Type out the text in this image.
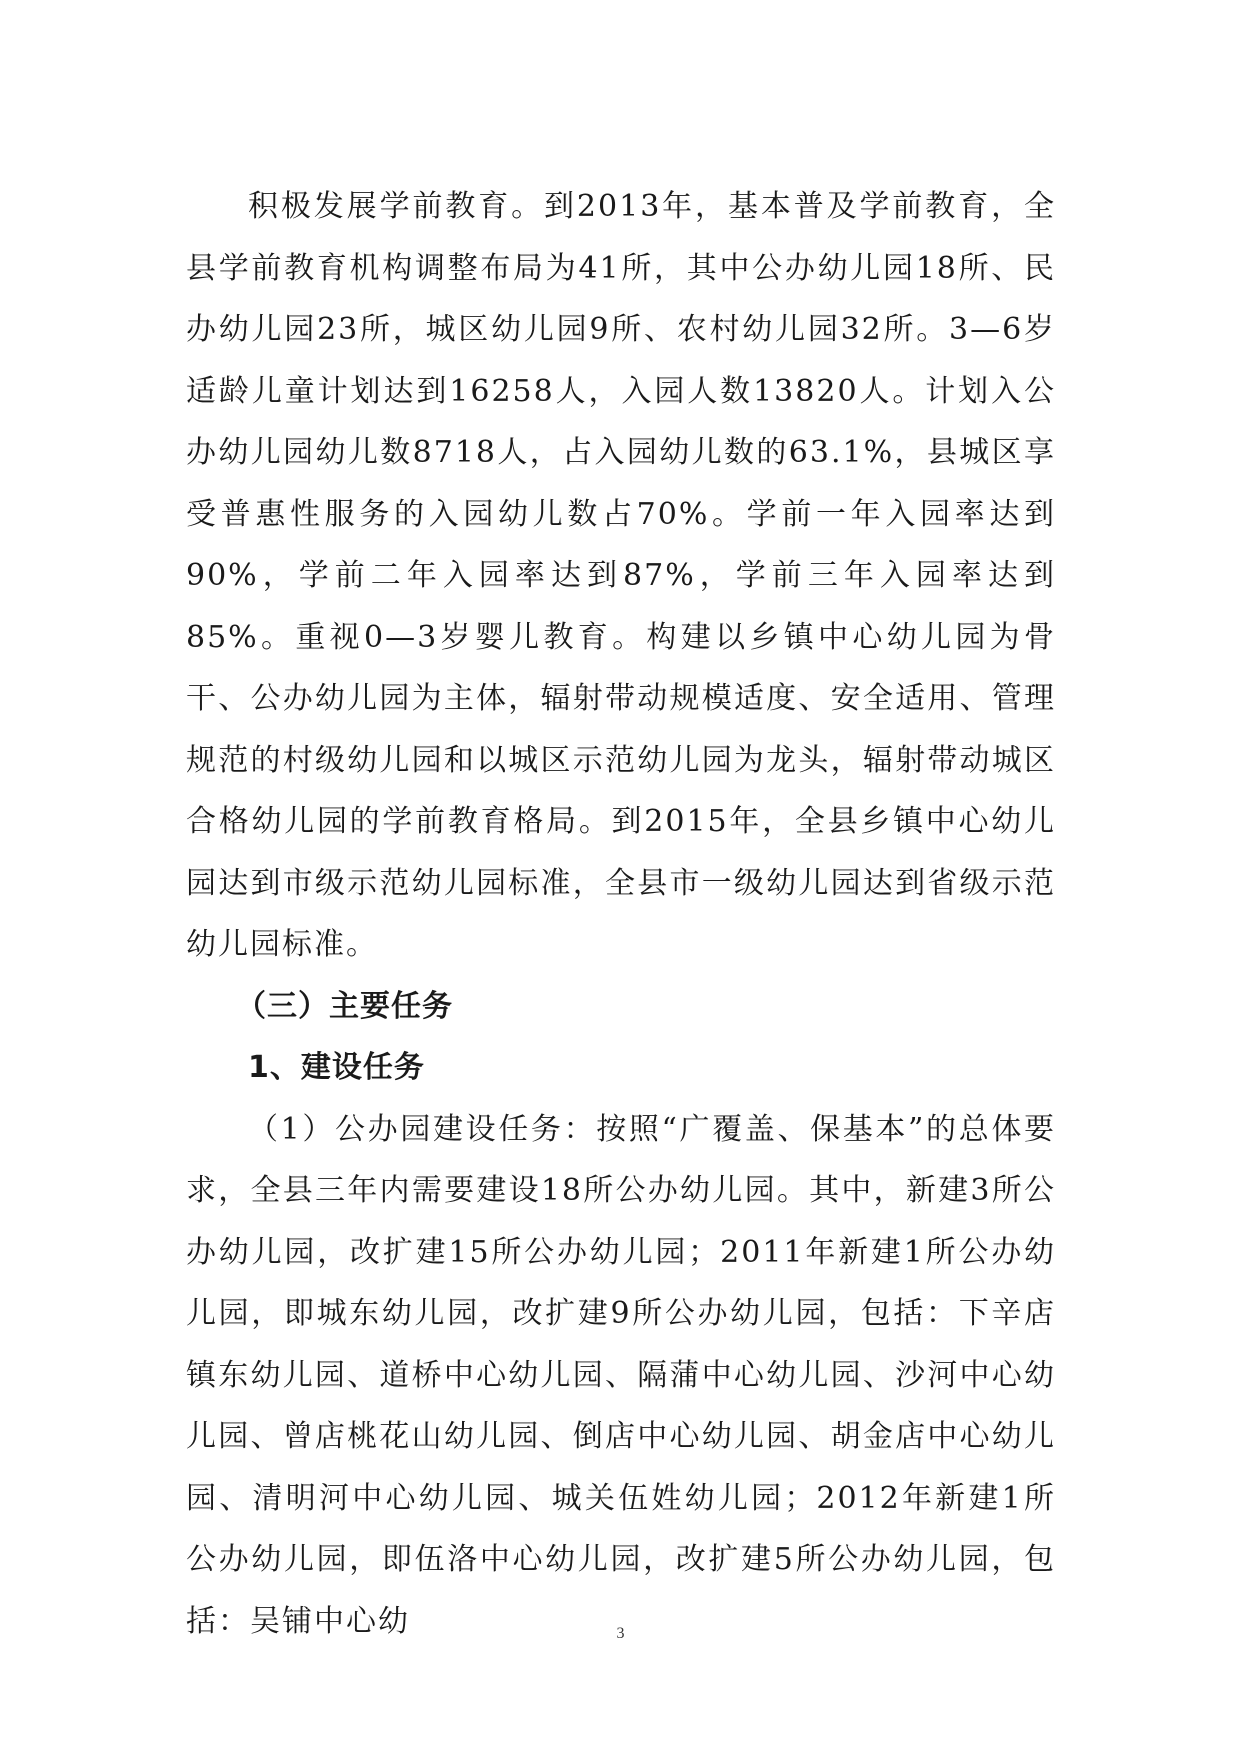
积极发展学前教育。到2013年，基本普及学前教育，全县学前教育机构调整布局为41所，其中公办幼儿园18所、民办幼儿园23所，城区幼儿园9所、农村幼儿园32所。3—6岁适龄儿童计划达到16258人，入园人数13820人。计划入公办幼儿园幼儿数8718人，占入园幼儿数的63.1%，县城区享受普惠性服务的入园幼儿数占70%。学前一年入园率达到90%，学前二年入园率达到87%，学前三年入园率达到85%。重视0—3岁婴儿教育。构建以乡镇中心幼儿园为骨干、公办幼儿园为主体，辐射带动规模适度、安全适用、管理规范的村级幼儿园和以城区示范幼儿园为龙头，辐射带动城区合格幼儿园的学前教育格局。到2015年，全县乡镇中心幼儿园达到市级示范幼儿园标准，全县市一级幼儿园达到省级示范幼儿园标准。

（三）主要任务

1、建设任务

（1）公办园建设任务：按照“广覆盖、保基本”的总体要求，全县三年内需要建设18所公办幼儿园。其中，新建3所公办幼儿园，改扩建15所公办幼儿园；2011年新建1所公办幼儿园，即城东幼儿园，改扩建9所公办幼儿园，包括：下辛店镇东幼儿园、道桥中心幼儿园、隔蒲中心幼儿园、沙河中心幼儿园、曾店桃花山幼儿园、倒店中心幼儿园、胡金店中心幼儿园、清明河中心幼儿园、城关伍姓幼儿园；2012年新建1所公办幼儿园，即伍洛中心幼儿园，改扩建5所公办幼儿园，包括：吴铺中心幼	3
